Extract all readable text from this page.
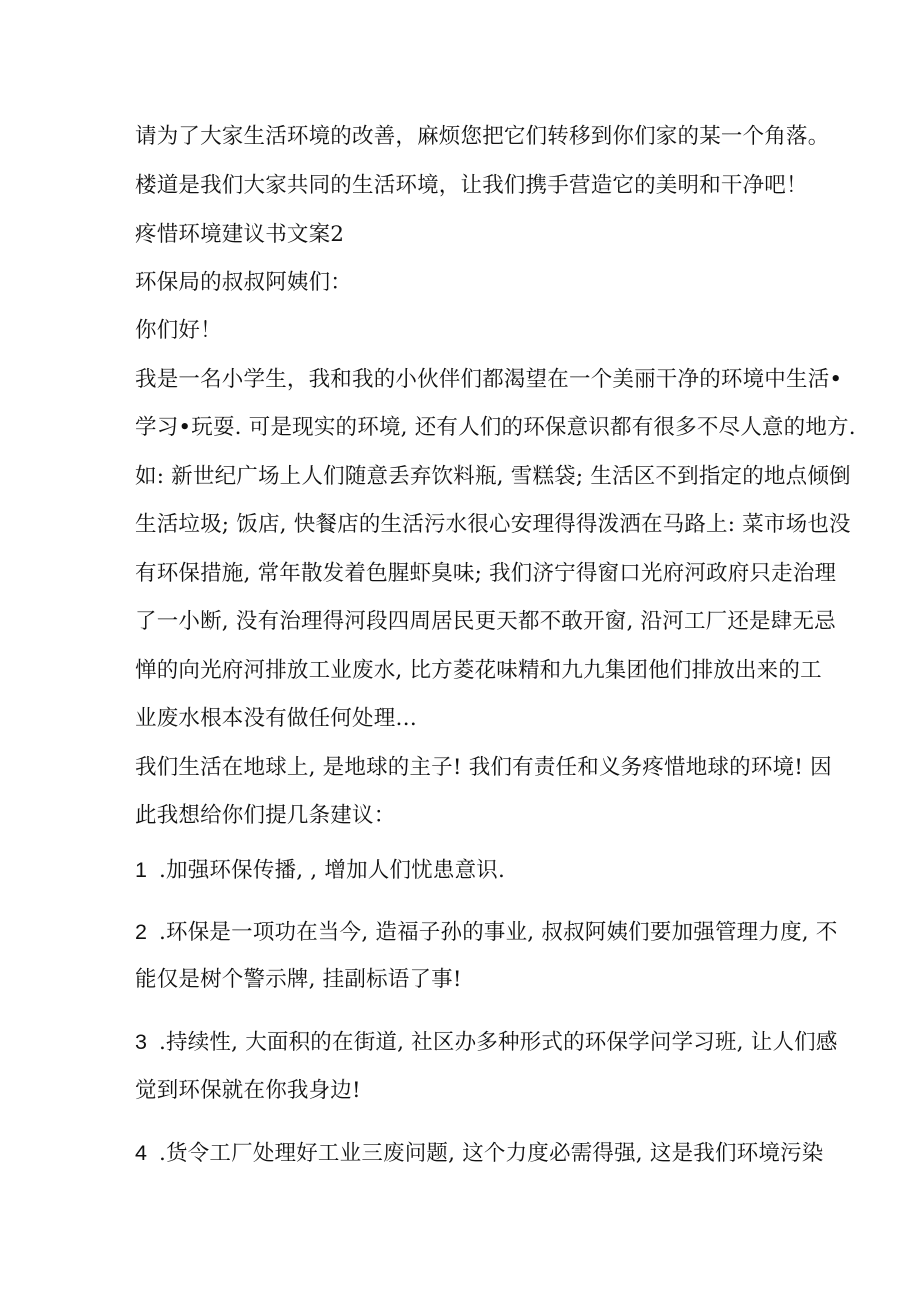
请为了大家生活环境的改善，麻烦您把它们转移到你们家的某一个角落。
楼道是我们大家共同的生活环境，让我们携手营造它的美明和干净吧！
疼惜环境建议书文案2
环保局的叔叔阿姨们：
你们好！
我是一名小学生，我和我的小伙伴们都渴望在一个美丽干净的环境中生活•
学习•玩耍. 可是现实的环境, 还有人们的环保意识都有很多不尽人意的地方.
如: 新世纪广场上人们随意丢弃饮料瓶, 雪糕袋; 生活区不到指定的地点倾倒
生活垃圾; 饭店, 快餐店的生活污水很心安理得得泼洒在马路上: 菜市场也没
有环保措施, 常年散发着色腥虾臭味; 我们济宁得窗口光府河政府只走治理
了一小断, 没有治理得河段四周居民更天都不敢开窗, 沿河工厂还是肆无忌
惮的向光府河排放工业废水, 比方菱花味精和九九集团他们排放出来的工
业废水根本没有做任何处理…
我们生活在地球上, 是地球的主子! 我们有责任和义务疼惜地球的环境! 因
此我想给你们提几条建议：
1 .加强环保传播, , 增加人们忧患意识.
2 .环保是一项功在当今, 造福子孙的事业, 叔叔阿姨们要加强管理力度, 不
能仅是树个警示牌, 挂副标语了事!
3 .持续性, 大面积的在街道, 社区办多种形式的环保学问学习班, 让人们感
觉到环保就在你我身边!
4 .货令工厂处理好工业三废问题, 这个力度必需得强, 这是我们环境污染
